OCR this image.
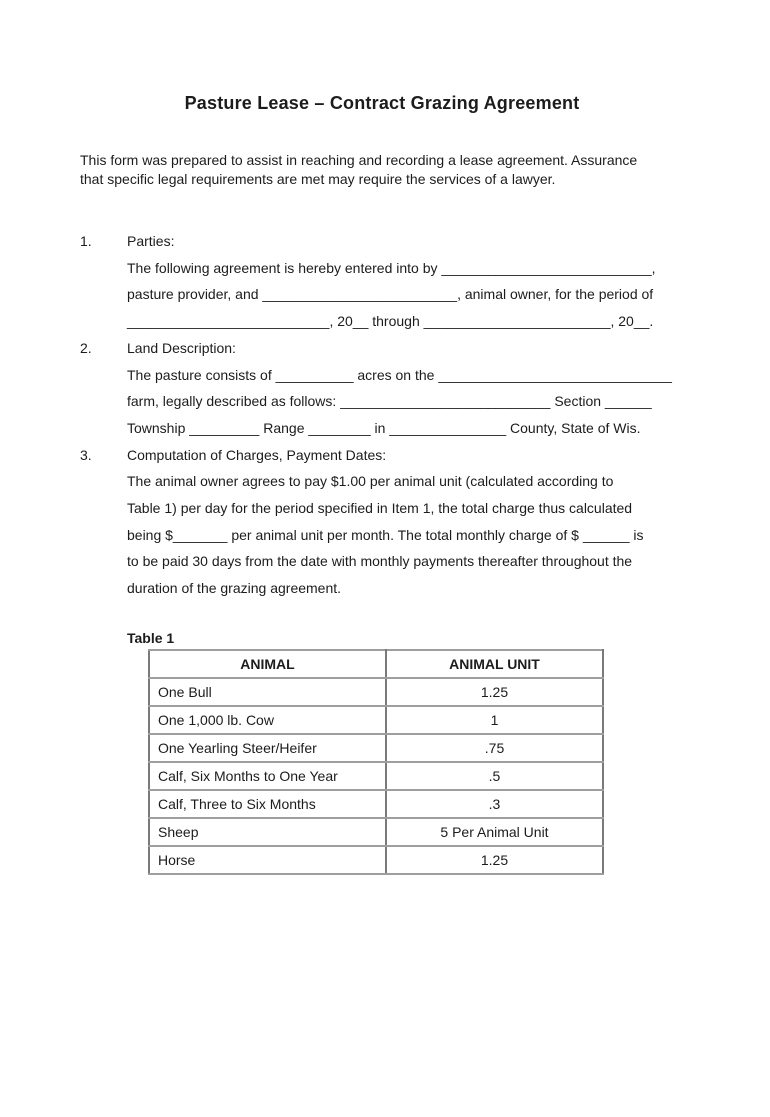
Pasture Lease – Contract Grazing Agreement
This form was prepared to assist in reaching and recording a lease agreement. Assurance
that specific legal requirements are met may require the services of a lawyer.
1.	Parties:
The following agreement is hereby entered into by ___________________________,
pasture provider, and _________________________, animal owner, for the period of
__________________________, 20__ through ________________________, 20__.
2.	Land Description:
The pasture consists of __________ acres on the ______________________________
farm, legally described as follows: ___________________________ Section ______
Township _________ Range ________ in _______________ County, State of Wis.
3.	Computation of Charges, Payment Dates:
The animal owner agrees to pay $1.00 per animal unit (calculated according to
Table 1) per day for the period specified in Item 1, the total charge thus calculated
being $_______ per animal unit per month. The total monthly charge of $ ______ is
to be paid 30 days from the date with monthly payments thereafter throughout the
duration of the grazing agreement.
Table 1
ANIMAL	ANIMAL UNIT
One Bull	1.25
One 1,000 lb. Cow	1
One Yearling Steer/Heifer	.75
Calf, Six Months to One Year	.5
Calf, Three to Six Months	.3
Sheep	5 Per Animal Unit
Horse	1.25
